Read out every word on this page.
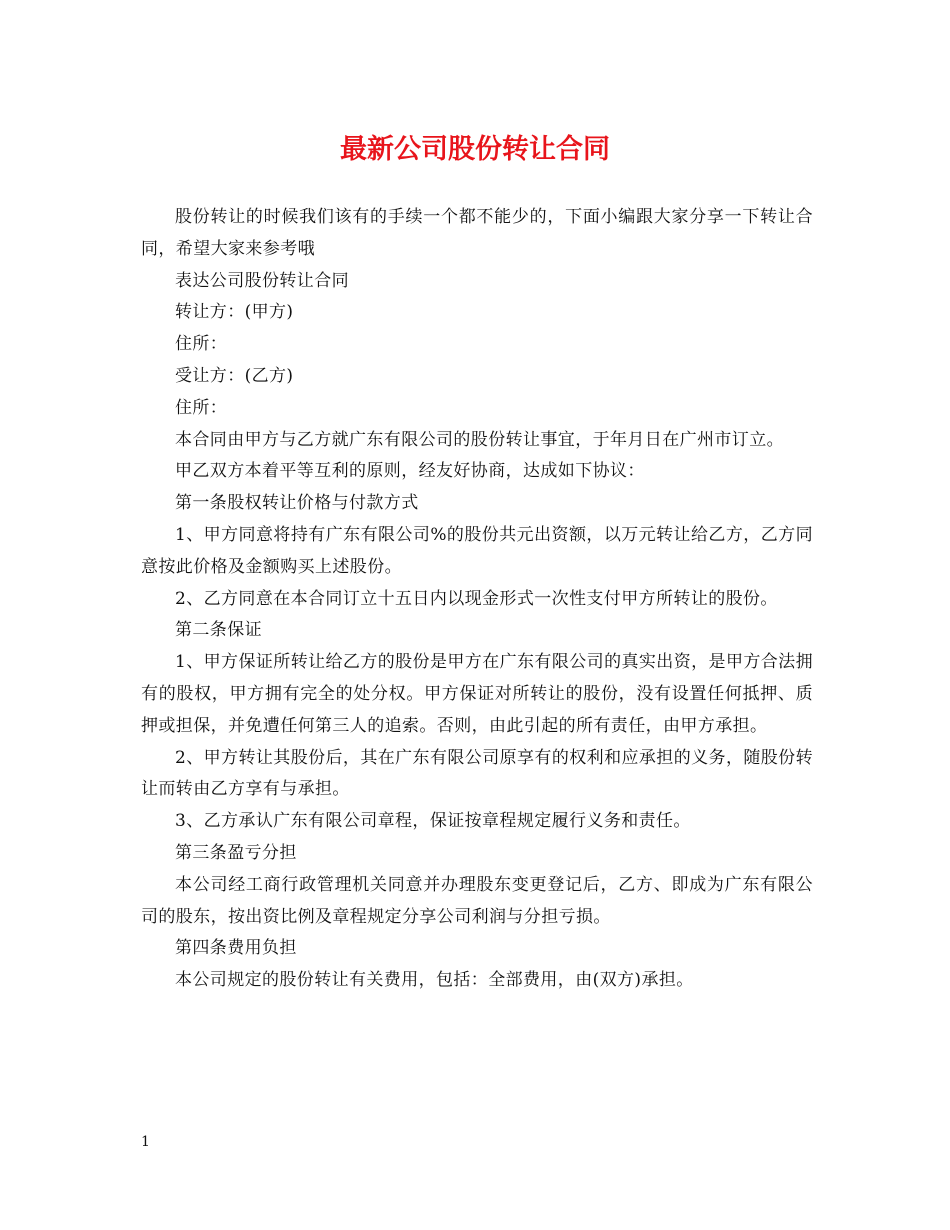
最新公司股份转让合同

股份转让的时候我们该有的手续一个都不能少的，下面小编跟大家分享一下转让合同，希望大家来参考哦

表达公司股份转让合同

转让方：(甲方)

住所：

受让方：(乙方)

住所：

本合同由甲方与乙方就广东有限公司的股份转让事宜，于年月日在广州市订立。

甲乙双方本着平等互利的原则，经友好协商，达成如下协议：

第一条股权转让价格与付款方式

1、甲方同意将持有广东有限公司%的股份共元出资额，以万元转让给乙方，乙方同意按此价格及金额购买上述股份。

2、乙方同意在本合同订立十五日内以现金形式一次性支付甲方所转让的股份。

第二条保证

1、甲方保证所转让给乙方的股份是甲方在广东有限公司的真实出资，是甲方合法拥有的股权，甲方拥有完全的处分权。甲方保证对所转让的股份，没有设置任何抵押、质押或担保，并免遭任何第三人的追索。否则，由此引起的所有责任，由甲方承担。

2、甲方转让其股份后，其在广东有限公司原享有的权利和应承担的义务，随股份转让而转由乙方享有与承担。

3、乙方承认广东有限公司章程，保证按章程规定履行义务和责任。

第三条盈亏分担

本公司经工商行政管理机关同意并办理股东变更登记后，乙方、即成为广东有限公司的股东，按出资比例及章程规定分享公司利润与分担亏损。

第四条费用负担

本公司规定的股份转让有关费用，包括：全部费用，由(双方)承担。

1
